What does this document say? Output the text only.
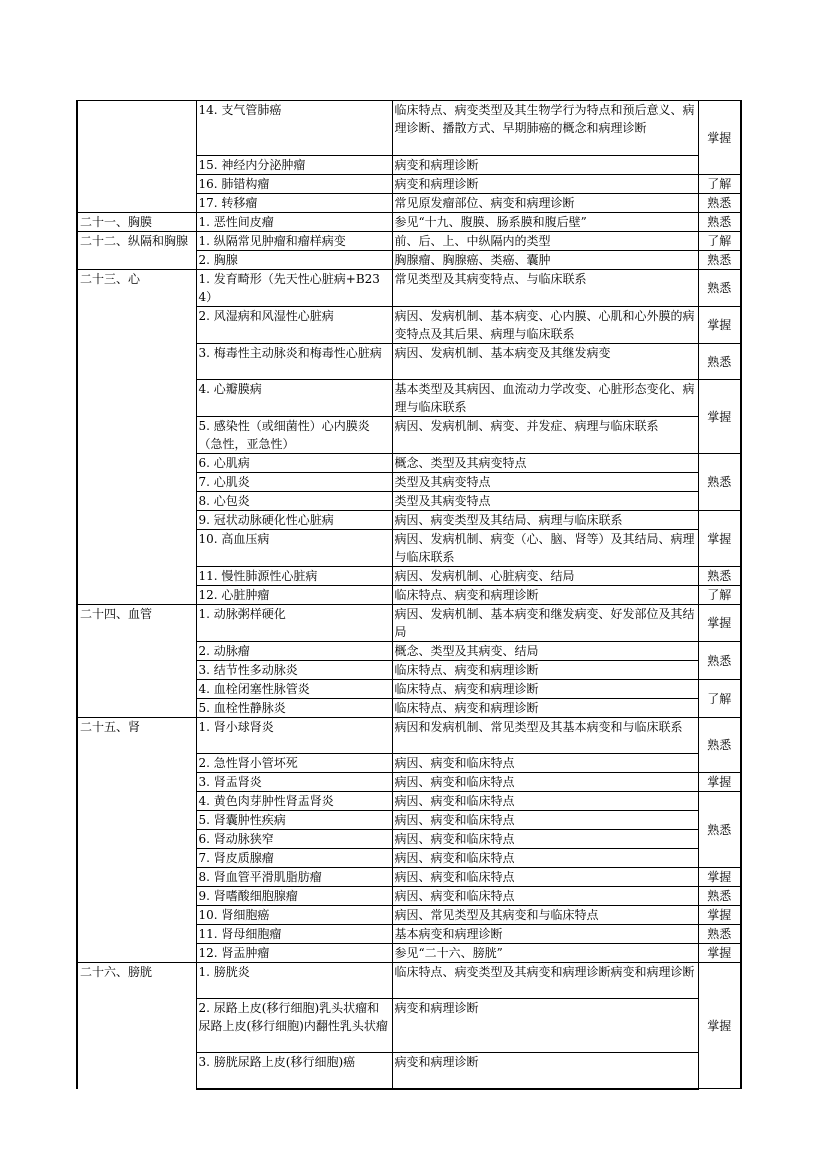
	14. 支气管肺癌	临床特点、病变类型及其生物学行为特点和预后意义、病理诊断、播散方式、早期肺癌的概念和病理诊断	掌握
	15. 神经内分泌肿瘤	病变和病理诊断	
	16. 肺错构瘤	病变和病理诊断	了解
	17. 转移瘤	常见原发瘤部位、病变和病理诊断	熟悉
二十一、胸膜	1. 恶性间皮瘤	参见“十九、腹膜、肠系膜和腹后壁”	熟悉
二十二、纵隔和胸腺	1. 纵隔常见肿瘤和瘤样病变	前、后、上、中纵隔内的类型	了解
	2. 胸腺	胸腺瘤、胸腺癌、类癌、囊肿	熟悉
二十三、心	1. 发育畸形（先天性心脏病+B234）	常见类型及其病变特点、与临床联系	熟悉
	2. 风湿病和风湿性心脏病	病因、发病机制、基本病变、心内膜、心肌和心外膜的病变特点及其后果、病理与临床联系	掌握
	3. 梅毒性主动脉炎和梅毒性心脏病	病因、发病机制、基本病变及其继发病变	熟悉
	4. 心瓣膜病	基本类型及其病因、血流动力学改变、心脏形态变化、病理与临床联系	掌握
	5. 感染性（或细菌性）心内膜炎（急性，亚急性）	病因、发病机制、病变、并发症、病理与临床联系	
	6. 心肌病	概念、类型及其病变特点	熟悉
	7. 心肌炎	类型及其病变特点	
	8. 心包炎	类型及其病变特点	
	9. 冠状动脉硬化性心脏病	病因、病变类型及其结局、病理与临床联系	掌握
	10. 高血压病	病因、发病机制、病变（心、脑、肾等）及其结局、病理与临床联系	
	11. 慢性肺源性心脏病	病因、发病机制、心脏病变、结局	熟悉
	12. 心脏肿瘤	临床特点、病变和病理诊断	了解
二十四、血管	1. 动脉粥样硬化	病因、发病机制、基本病变和继发病变、好发部位及其结局	掌握
	2. 动脉瘤	概念、类型及其病变、结局	熟悉
	3. 结节性多动脉炎	临床特点、病变和病理诊断	
	4. 血栓闭塞性脉管炎	临床特点、病变和病理诊断	了解
	5. 血栓性静脉炎	临床特点、病变和病理诊断	
二十五、肾	1. 肾小球肾炎	病因和发病机制、常见类型及其基本病变和与临床联系	熟悉
	2. 急性肾小管坏死	病因、病变和临床特点	
	3. 肾盂肾炎	病因、病变和临床特点	掌握
	4. 黄色肉芽肿性肾盂肾炎	病因、病变和临床特点	熟悉
	5. 肾囊肿性疾病	病因、病变和临床特点	
	6. 肾动脉狭窄	病因、病变和临床特点	
	7. 肾皮质腺瘤	病因、病变和临床特点	
	8. 肾血管平滑肌脂肪瘤	病因、病变和临床特点	掌握
	9. 肾嗜酸细胞腺瘤	病因、病变和临床特点	熟悉
	10. 肾细胞癌	病因、常见类型及其病变和与临床特点	掌握
	11. 肾母细胞瘤	基本病变和病理诊断	熟悉
	12. 肾盂肿瘤	参见“二十六、膀胱”	掌握
二十六、膀胱	1. 膀胱炎	临床特点、病变类型及其病变和病理诊断病变和病理诊断	掌握
	2. 尿路上皮(移行细胞)乳头状瘤和尿路上皮(移行细胞)内翻性乳头状瘤	病变和病理诊断	
	3. 膀胱尿路上皮(移行细胞)癌	病变和病理诊断	
